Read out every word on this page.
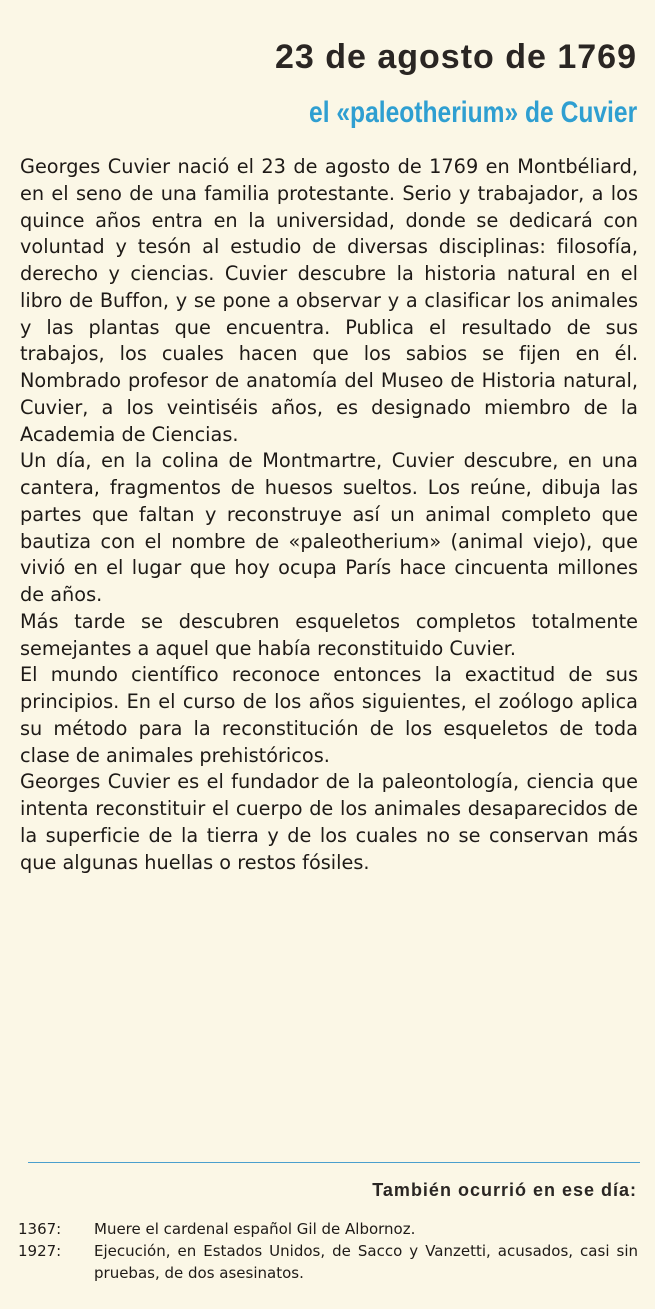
23 de agosto de 1769
el «paleotherium» de Cuvier

Georges Cuvier nació el 23 de agosto de 1769 en Montbéliard, en el seno de una familia protestante. Serio y trabajador, a los quince años entra en la universidad, donde se dedicará con voluntad y tesón al estudio de diversas disciplinas: filosofía, derecho y ciencias. Cuvier descubre la historia natural en el libro de Buffon, y se pone a observar y a clasificar los animales y las plantas que encuentra. Publica el resultado de sus trabajos, los cuales hacen que los sabios se fijen en él. Nombrado profesor de anatomía del Museo de Historia natural, Cuvier, a los veintiséis años, es designado miembro de la Academia de Ciencias.

Un día, en la colina de Montmartre, Cuvier descubre, en una cantera, fragmentos de huesos sueltos. Los reúne, dibuja las partes que faltan y reconstruye así un animal completo que bautiza con el nombre de «paleotherium» (animal viejo), que vivió en el lugar que hoy ocupa París hace cincuenta millones de años.

Más tarde se descubren esqueletos completos totalmente semejantes a aquel que había reconstituido Cuvier.

El mundo científico reconoce entonces la exactitud de sus principios. En el curso de los años siguientes, el zoólogo aplica su método para la reconstitución de los esqueletos de toda clase de animales prehistóricos.

Georges Cuvier es el fundador de la paleontología, ciencia que intenta reconstituir el cuerpo de los animales desaparecidos de la superficie de la tierra y de los cuales no se conservan más que algunas huellas o restos fósiles.

También ocurrió en ese día:
1367:	Muere el cardenal español Gil de Albornoz.
1927:	Ejecución, en Estados Unidos, de Sacco y Vanzetti, acusados, casi sin pruebas, de dos asesinatos.
